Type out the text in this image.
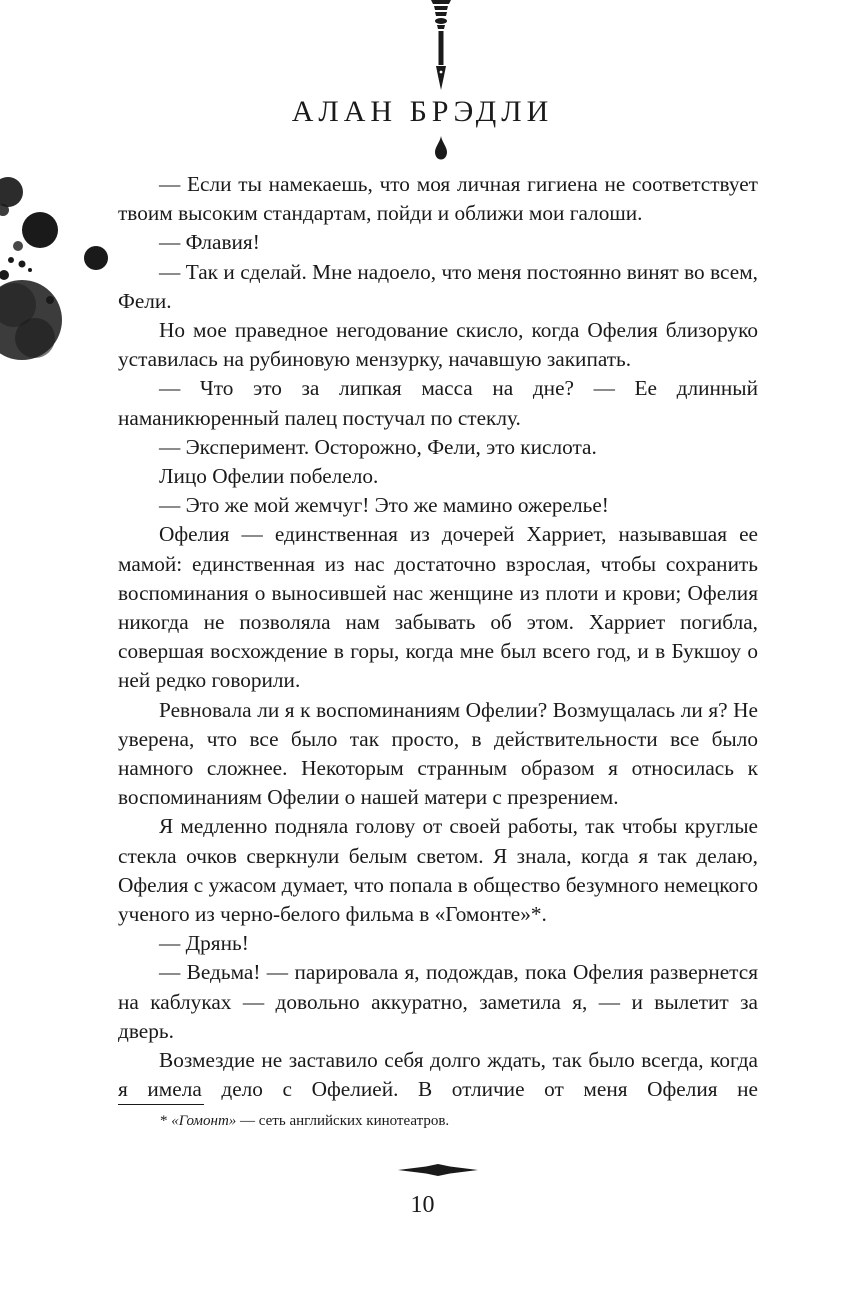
АЛАН БРЭДЛИ

— Если ты намекаешь, что моя личная гигиена не соответствует твоим высоким стандартам, пойди и оближи мои галоши.

— Флавия!

— Так и сделай. Мне надоело, что меня постоянно винят во всем, Фели.

Но мое праведное негодование скисло, когда Офелия близоруко уставилась на рубиновую мензурку, начавшую закипать.

— Что это за липкая масса на дне? — Ее длинный наманикюренный палец постучал по стеклу.

— Эксперимент. Осторожно, Фели, это кислота.

Лицо Офелии побелело.

— Это же мой жемчуг! Это же мамино ожерелье!

Офелия — единственная из дочерей Харриет, называвшая ее мамой: единственная из нас достаточно взрослая, чтобы сохранить воспоминания о выносившей нас женщине из плоти и крови; Офелия никогда не позволяла нам забывать об этом. Харриет погибла, совершая восхождение в горы, когда мне был всего год, и в Букшоу о ней редко говорили.

Ревновала ли я к воспоминаниям Офелии? Возмущалась ли я? Не уверена, что все было так просто, в действительности все было намного сложнее. Некоторым странным образом я относилась к воспоминаниям Офелии о нашей матери с презрением.

Я медленно подняла голову от своей работы, так чтобы круглые стекла очков сверкнули белым светом. Я знала, когда я так делаю, Офелия с ужасом думает, что попала в общество безумного немецкого ученого из черно-белого фильма в «Гомонте»*.

— Дрянь!

— Ведьма! — парировала я, подождав, пока Офелия развернется на каблуках — довольно аккуратно, заметила я, — и вылетит за дверь.

Возмездие не заставило себя долго ждать, так было всегда, когда я имела дело с Офелией. В отличие от меня Офелия не

* «Гомонт» — сеть английских кинотеатров.
10
